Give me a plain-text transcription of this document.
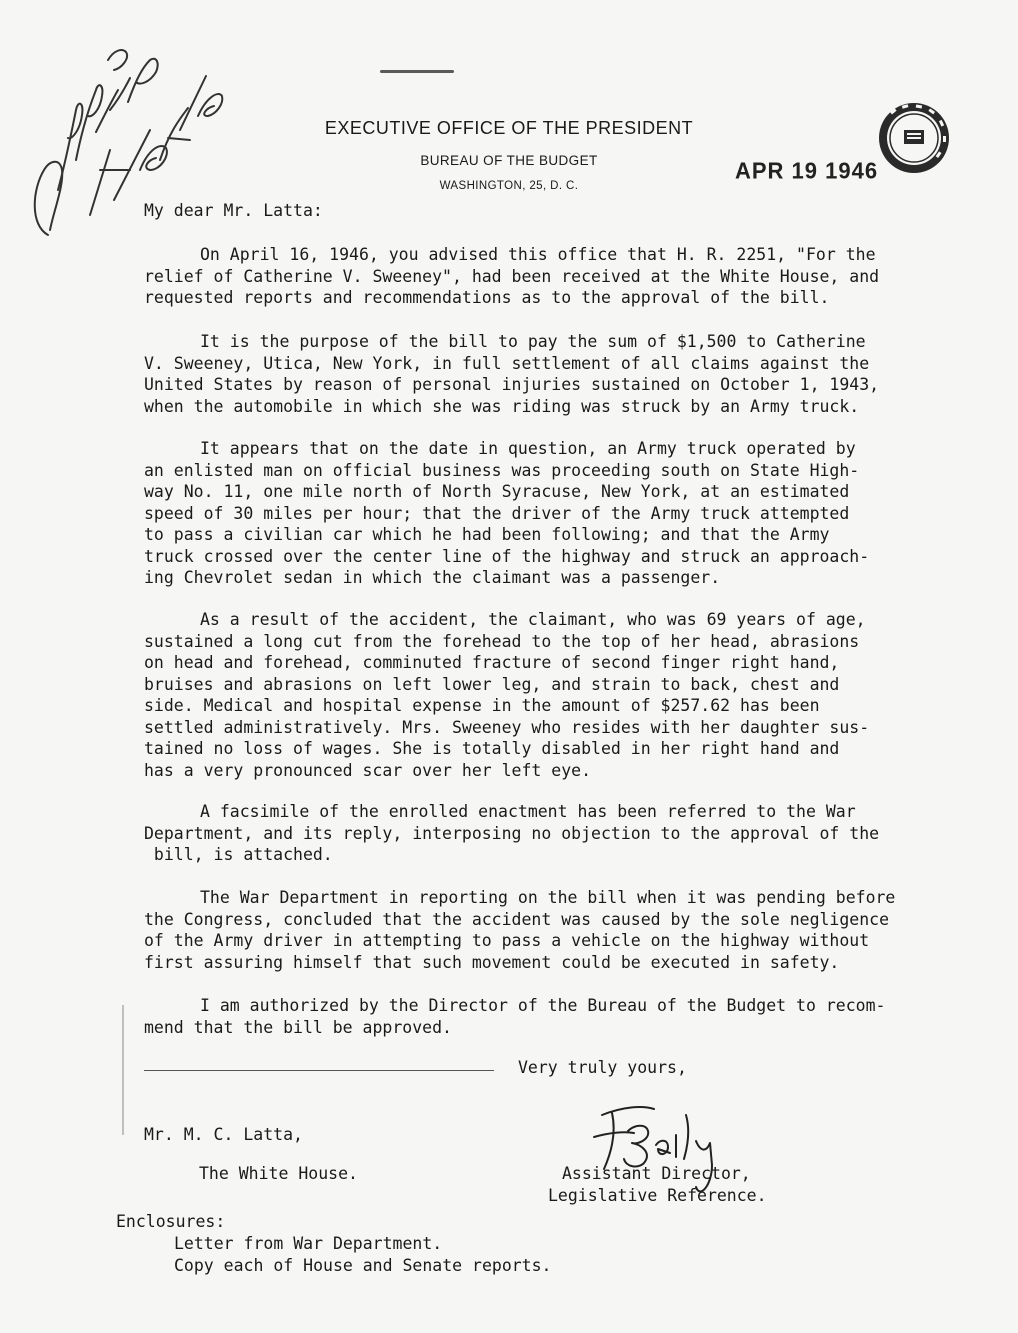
EXECUTIVE OFFICE OF THE PRESIDENT
BUREAU OF THE BUDGET
WASHINGTON, 25, D. C.
APR 19 1946
My dear Mr. Latta:
On April 16, 1946, you advised this office that H. R. 2251, "For the
relief of Catherine V. Sweeney", had been received at the White House, and
requested reports and recommendations as to the approval of the bill.
It is the purpose of the bill to pay the sum of $1,500 to Catherine
V. Sweeney, Utica, New York, in full settlement of all claims against the
United States by reason of personal injuries sustained on October 1, 1943,
when the automobile in which she was riding was struck by an Army truck.
It appears that on the date in question, an Army truck operated by
an enlisted man on official business was proceeding south on State High-
way No. 11, one mile north of North Syracuse, New York, at an estimated
speed of 30 miles per hour; that the driver of the Army truck attempted
to pass a civilian car which he had been following; and that the Army
truck crossed over the center line of the highway and struck an approach-
ing Chevrolet sedan in which the claimant was a passenger.
As a result of the accident, the claimant, who was 69 years of age,
sustained a long cut from the forehead to the top of her head, abrasions
on head and forehead, comminuted fracture of second finger right hand,
bruises and abrasions on left lower leg, and strain to back, chest and
side. Medical and hospital expense in the amount of $257.62 has been
settled administratively. Mrs. Sweeney who resides with her daughter sus-
tained no loss of wages. She is totally disabled in her right hand and
has a very pronounced scar over her left eye.
A facsimile of the enrolled enactment has been referred to the War
Department, and its reply, interposing no objection to the approval of the
bill, is attached.
The War Department in reporting on the bill when it was pending before
the Congress, concluded that the accident was caused by the sole negligence
of the Army driver in attempting to pass a vehicle on the highway without
first assuring himself that such movement could be executed in safety.
I am authorized by the Director of the Bureau of the Budget to recom-
mend that the bill be approved.
Very truly yours,
Mr. M. C. Latta,
The White House.	Assistant Director,
Legislative Reference.
Enclosures:
Letter from War Department.
Copy each of House and Senate reports.
